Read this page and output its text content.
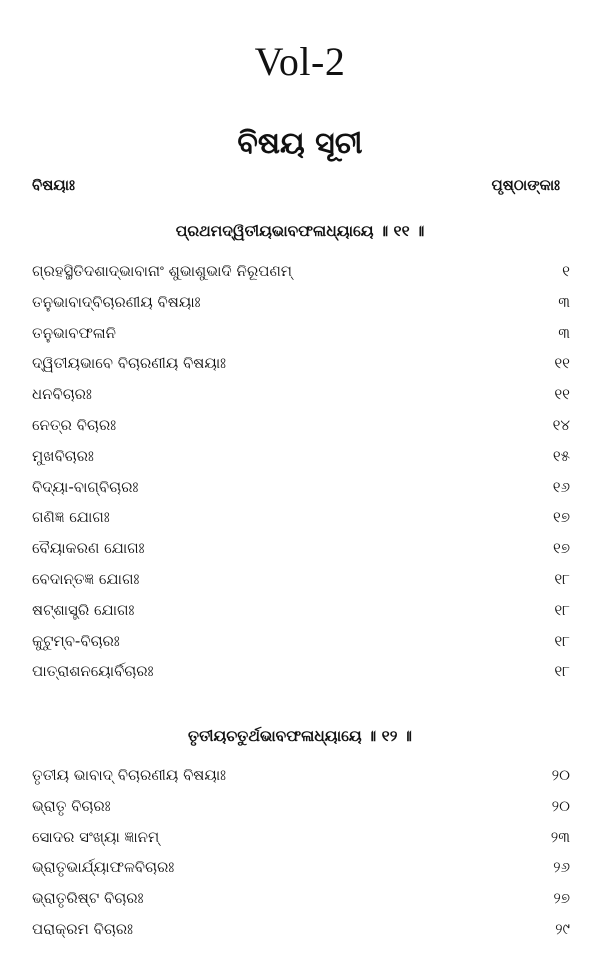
Vol-2
ବିଷୟ ସୂଚୀ
ବିଷୟାଃ	ପୃଷ୍ଠାଙ୍କାଃ
ପ୍ରଥମଦ୍ୱିତୀୟଭାବଫଳାଧ୍ୟାୟେ ॥ ୧୧ ॥
ଗ୍ରହସ୍ଥିତିଦଶାଦ୍‌ଭାବାନାଂ ଶୁଭାଶୁଭାଦି ନିରୂପଣମ୍	୧
ତନୁଭାବାଦ୍‌ବିଚାରଣୀୟ ବିଷୟାଃ	୩
ତନୁଭାବଫଳାନି	୩
ଦ୍ୱିତୀୟଭାବେ ବିଚାରଣୀୟ ବିଷୟାଃ	୧୧
ଧନବିଚାରଃ	୧୧
ନେତ୍ର ବିଚାରଃ	୧୪
ମୁଖବିଚାରଃ	୧୫
ବିଦ୍ୟା-ବାଗ୍‌ବିଚାରଃ	୧୬
ଗଣିଜ୍ଞ ଯୋଗଃ	୧୭
ବୈୟାକରଣ ଯୋଗଃ	୧୭
ବେଦାନ୍ତଜ୍ଞ ଯୋଗଃ	୧୮
ଷଟ୍‌ଶାସ୍ତ୍ରି ଯୋଗଃ	୧୮
କୁଟୁମ୍ବ-ବିଚାରଃ	୧୮
ପାତ୍ରାଶନୟୋର୍ବିଚାରଃ	୧୮
ତୃତୀୟଚତୁର୍ଥଭାବଫଳାଧ୍ୟାୟେ ॥ ୧୨ ॥
ତୃତୀୟ ଭାବାଦ୍ ବିଚାରଣୀୟ ବିଷୟାଃ	୨୦
ଭ୍ରାତୃ ବିଚାରଃ	୨୦
ସୋଦର ସଂଖ୍ୟା ଜ୍ଞାନମ୍	୨୩
ଭ୍ରାତୃଭାର୍ଯ୍ୟାଫଳବିଚାରଃ	୨୬
ଭ୍ରାତୃରିଷ୍ଟ ବିଚାରଃ	୨୭
ପରାକ୍ରମ ବିଚାରଃ	୨୯
